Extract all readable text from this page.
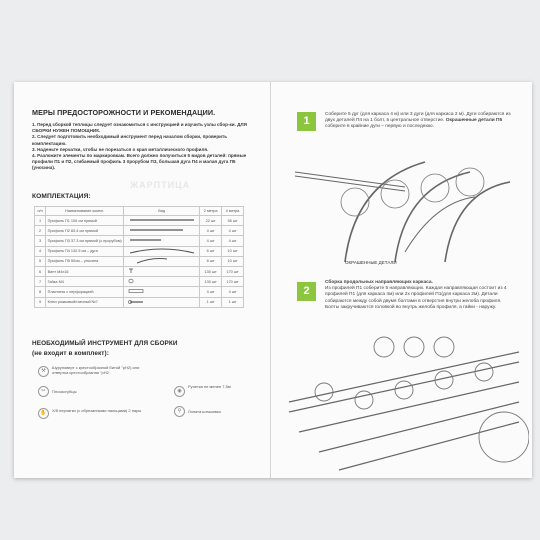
МЕРЫ ПРЕДОСТОРОЖНОСТИ И РЕКОМЕНДАЦИИ.

1. Перед сборкой теплицы следует ознакомиться с инструкцией и изучить узлы сбор-ки. ДЛЯ СБОРКИ НУЖЕН ПОМОЩНИК.

2. Следует подготовить необходимый инструмент перед началом сборки, проверить комплектацию.

3. Наденьте перчатки, чтобы не порезаться о края металлического профиля.

4. Разложите элементы по маркировкам. Всего должно получиться 5 видов деталей: прямые профили П1 и П2, сгибаемый профиль 3 прорубом П3, большая дуга П4 и малая дуга П5 (уносина).

ЖАРПТИЦА
КОМПЛЕКТАЦИЯ:
п/п	Наименование компл.	Вид	2 метра	4 метра
1	Профиль П1 106 см прямой		22 шт	36 шт
2	Профиль П2 83.4 см прямой		4 шт	4 шт
3	Профиль П3 37.3 см прямой (с прорубом)		4 шт	4 шт
4	Профиль П4 132.5 см – дуга		6 шт	10 шт
5	Профиль П5 50см – уносина		6 шт	10 шт
6	Винт М4х16		130 шт	170 шт
7	Гайка М4		130 шт	170 шт
8	Пластины с перфорацией		4 шт	4 шт
9	Ключ рожковый/гаечный №7		1 шт	1 шт
НЕОБХОДИМЫЙ ИНСТРУМЕНТ ДЛЯ СБОРКИ
(не входит в комплект):
⚒
Шуруповерт с крестообразной битой "pH2) или отвертка крестообразная "pH2
✂	Плоскогубцы	◉
Рулетка не менее 7,5м
✋	Х/б перчатки (с обрезанными пальцами) 2 пары	⚲	Лопата штыковая
1
Соберите 5 дуг (для каркаса 4 м) или 3 дуги (для каркаса 2 м). Дуги собираются из двух деталей П4 на 1 болт, в центральное отверстие. Окрашенные детали П5 соберите в крайние дуги – первую и последнюю.
ОКРАШЕННЫЕ ДЕТАЛИ
2

Сборка продольных направляющих каркаса.

Из профилей П1 соберите 5 направляющих. Каждая направляющая состоит из 4 профилей П1 (для каркаса 4м) или 2х профилей П1(для каркаса 2м). Детали собираются между собой двумя болтами в отверстия внутри желоба профиля. Болты закручиваются головкой во внутрь желоба профиля, а гайки - наружу.
